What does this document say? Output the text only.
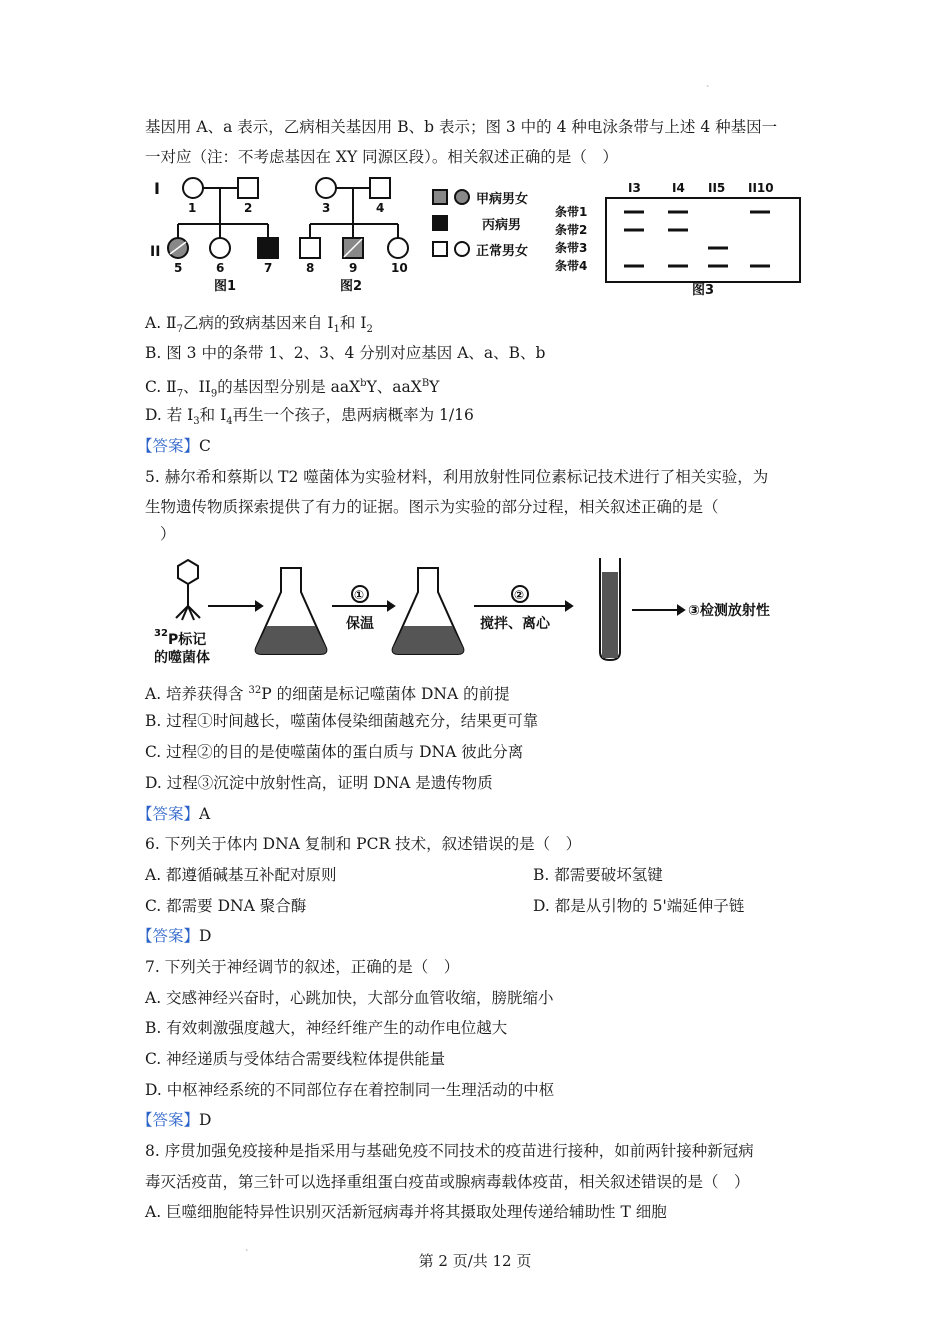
˴
基因用 A、a 表示，乙病相关基因用 B、b 表示；图 3 中的 4 种电泳条带与上述 4 种基因一
一对应（注：不考虑基因在 XY 同源区段）。相关叙述正确的是（　）
I
1	2
II
5	6	7
图1
3	4
8	9	10
图2
甲病男女
丙病男
正常男女
条带1
条带2
条带3
条带4
I3	I4 II5 II10
图3
A. $Ⅱ_7$乙病的致病基因来自 $I_1$和 $I_2$
B. 图 3 中的条带 1、2、3、4 分别对应基因 A、a、B、b
C. $Ⅱ_7$、$II_9$的基因型分别是 aaX$^b$Y、aaX$^B$Y
D. 若 $I_3$和 $I_4$再生一个孩子，患两病概率为 1/16
【答案】C
5. 赫尔希和蔡斯以 T2 噬菌体为实验材料，利用放射性同位素标记技术进行了相关实验，为
生物遗传物质探索提供了有力的证据。图示为实验的部分过程，相关叙述正确的是（
）
32 P标记
的噬菌体
①
保温
②
搅拌、离心
③检测放射性
A. 培养获得含 $^{32}$P 的细菌是标记噬菌体 DNA 的前提
B. 过程①时间越长，噬菌体侵染细菌越充分，结果更可靠
C. 过程②的目的是使噬菌体的蛋白质与 DNA 彼此分离
D. 过程③沉淀中放射性高，证明 DNA 是遗传物质
【答案】A
6. 下列关于体内 DNA 复制和 PCR 技术，叙述错误的是（　）
A. 都遵循碱基互补配对原则	B. 都需要破坏氢键
C. 都需要 DNA 聚合酶	D. 都是从引物的 5'端延伸子链
【答案】D
7. 下列关于神经调节的叙述，正确的是（　）
A. 交感神经兴奋时，心跳加快，大部分血管收缩，膀胱缩小
B. 有效刺激强度越大，神经纤维产生的动作电位越大
C. 神经递质与受体结合需要线粒体提供能量
D. 中枢神经系统的不同部位存在着控制同一生理活动的中枢
【答案】D
8. 序贯加强免疫接种是指采用与基础免疫不同技术的疫苗进行接种，如前两针接种新冠病
毒灭活疫苗，第三针可以选择重组蛋白疫苗或腺病毒载体疫苗，相关叙述错误的是（　）
A. 巨噬细胞能特异性识别灭活新冠病毒并将其摄取处理传递给辅助性 T 细胞
˴
第 2 页/共 12 页
